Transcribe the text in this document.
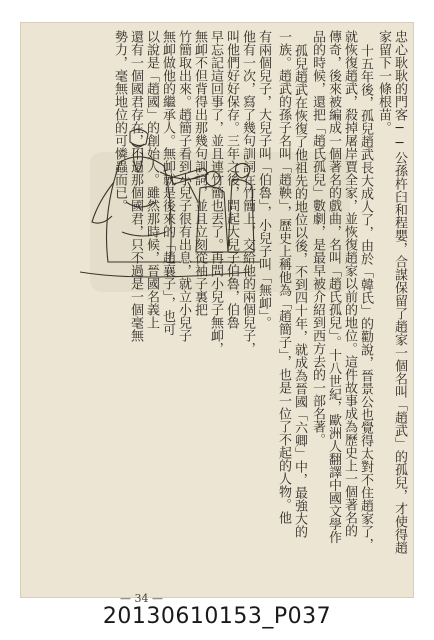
忠心耿耿的門客──公孫杵臼和程嬰，合謀保留了趙家一個名叫「趙武」的孤兒，才使得趙
家留下一條根苗。
十五年後，孤兒趙武長大成人了，由於「韓氏」的勸說，晉景公也覺得太對不住趙家了，
就恢復趙武，殺掉屠岸賈全家，並恢復趙家以前的地位。這件故事成為歷史上一個著名的
傳奇，後來被編成一個著名的戲曲，名叫「趙氏孤兒」。十八世紀，歐洲人翻譯中國文學作
品的時候，還把「趙氏孤兒」數劇，是最早被介紹到西方去的一部名著。
孤兒趙武在恢復了他祖先的地位以後，不到四十年，就成為晉國「六卿」中，最強大的
一族。趙武的孫子名叫「趙鞅」，歷史上稱他為「趙簡子」，也是一位了不起的人物。他
有兩個兒子，大兒子叫「伯魯」，小兒子叫「無卹」。
他有一次，寫了幾句訓詞在竹簡上，交給他的兩個兒子，
叫他們好好保存。三年之後，問起大兒子伯魯，伯魯
早忘記這回事了，並且連竹簡也丟了。再問小兒子無卹，
無卹不但背得出那幾句訓詞，並且立刻從袖子裏把
竹簡取出來。趙簡子看到小兒子很有出息，就立小兒子
無卹做他的繼承人。無卹就是後來的「趙襄子」，也可
以說是「趙國」的創始人。雖然那時候，晉國名義上
還有一個國君存在，不過那個國君，只不過是一個毫無
勢力，毫無地位的可憐蟲而已。
— 34 —
20130610153_P037
